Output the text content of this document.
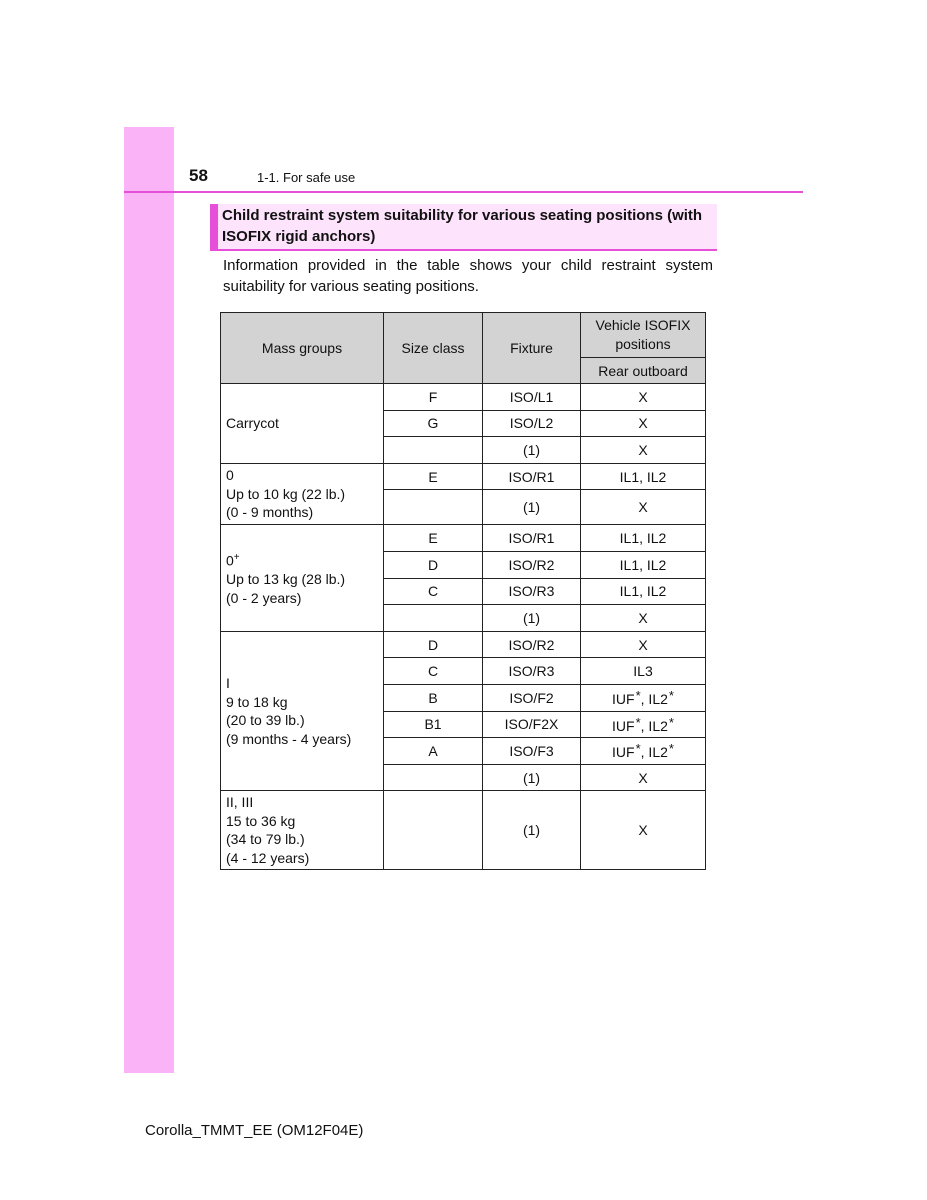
58	1-1. For safe use
Child restraint system suitability for various seating positions (with ISOFIX rigid anchors)
Information provided in the table shows your child restraint system suitability for various seating positions.
Mass groups	Size class	Fixture	Vehicle ISOFIX positions
			Rear outboard

Carrycot	F	ISO/L1	X
	G	ISO/L2	X
		(1)	X

0
Up to 10 kg (22 lb.)
(0 - 9 months)	E	ISO/R1	IL1, IL2
		(1)	X

0+
Up to 13 kg (28 lb.)
(0 - 2 years)	E	ISO/R1	IL1, IL2
	D	ISO/R2	IL1, IL2
	C	ISO/R3	IL1, IL2
		(1)	X

I
9 to 18 kg
(20 to 39 lb.)
(9 months - 4 years)	D	ISO/R2	X
	C	ISO/R3	IL3
	B	ISO/F2	IUF*, IL2*
	B1	ISO/F2X	IUF*, IL2*
	A	ISO/F3	IUF*, IL2*
		(1)	X

II, III
15 to 36 kg
(34 to 79 lb.)
(4 - 12 years)		(1)	X
Corolla_TMMT_EE (OM12F04E)
